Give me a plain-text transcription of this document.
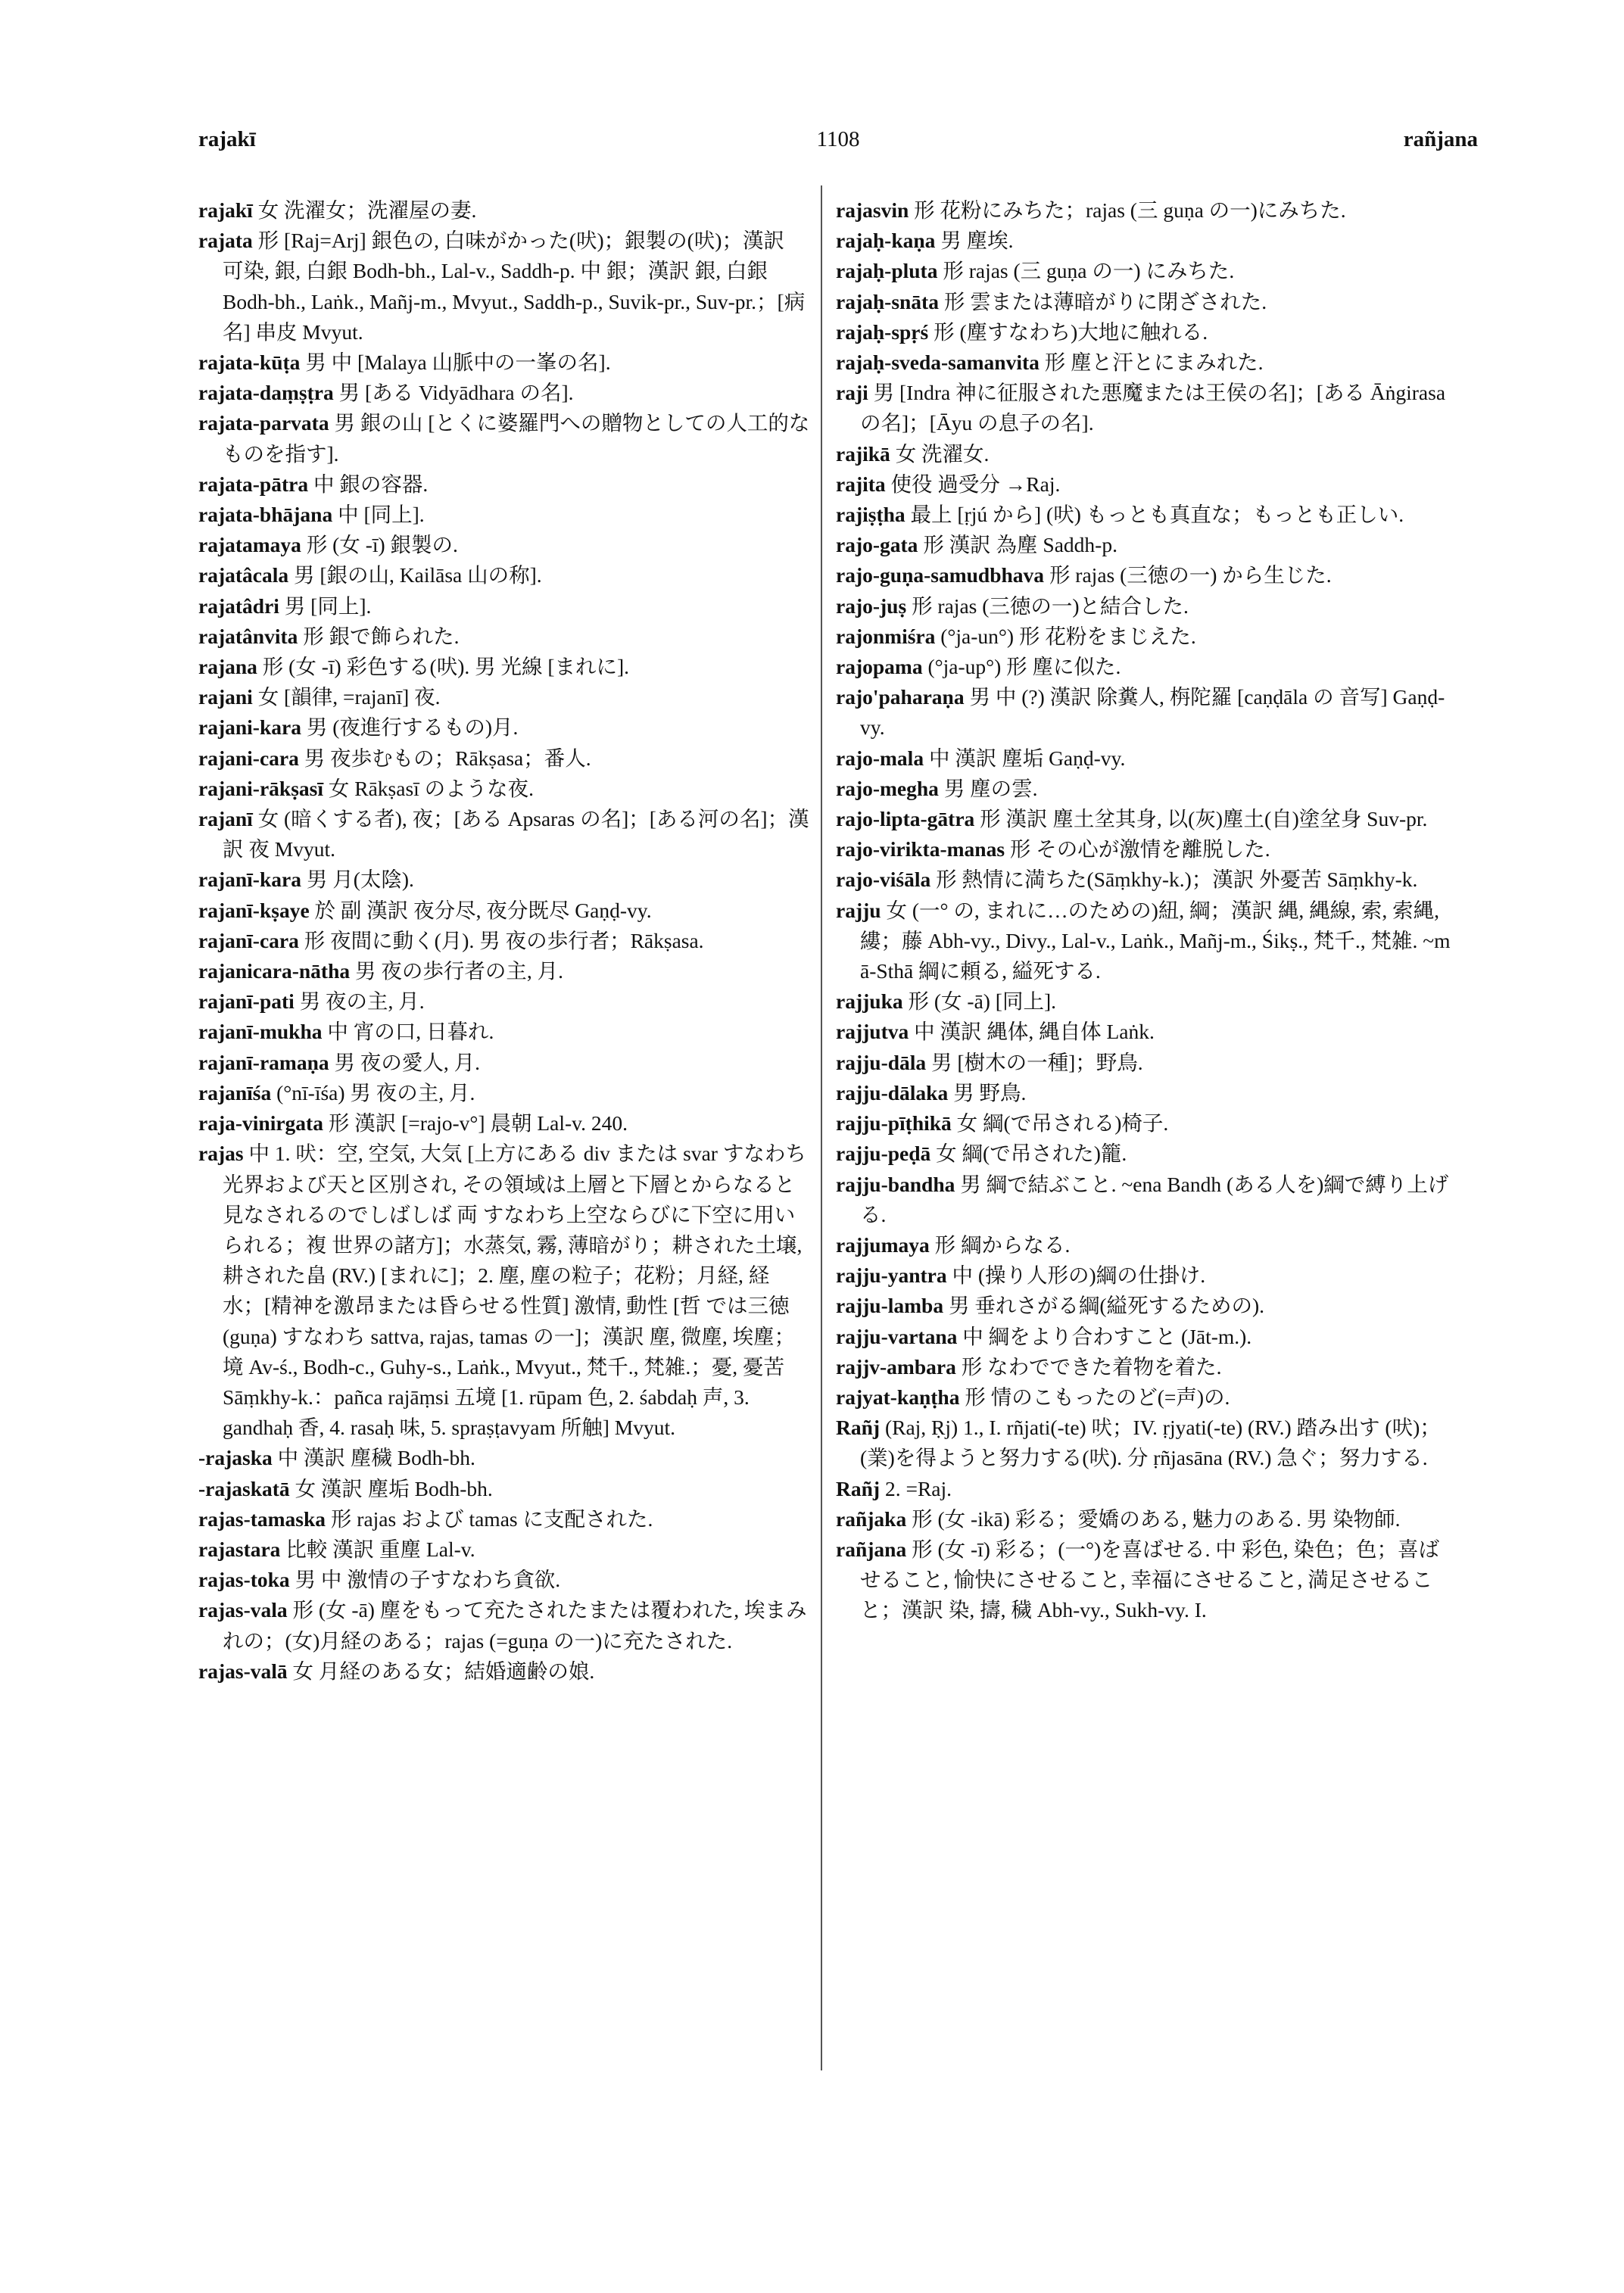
1108
rajakī	rañjana

rajakī 女 洗濯女；洗濯屋の妻.

rajata 形 [Raj=Arj] 銀色の, 白味がかった(吠)；銀製の(吠)；漢訳 可染, 銀, 白銀 Bodh-bh., Lal-v., Saddh-p. 中 銀；漢訳 銀, 白銀 Bodh-bh., Laṅk., Mañj-m., Mvyut., Saddh-p., Suvik-pr., Suv-pr.；[病名] 串皮 Mvyut.

rajata-kūṭa 男 中 [Malaya 山脈中の一峯の名].

rajata-daṃṣṭra 男 [ある Vidyādhara の名].

rajata-parvata 男 銀の山 [とくに婆羅門への贈物としての人工的なものを指す].

rajata-pātra 中 銀の容器.

rajata-bhājana 中 [同上].

rajatamaya 形 (女 -ī) 銀製の.

rajatâcala 男 [銀の山, Kailāsa 山の称].

rajatâdri 男 [同上].

rajatânvita 形 銀で飾られた.

rajana 形 (女 -ī) 彩色する(吠). 男 光線 [まれに].

rajani 女 [韻律, =rajanī] 夜.

rajani-kara 男 (夜進行するもの)月.

rajani-cara 男 夜歩むもの；Rākṣasa；番人.

rajani-rākṣasī 女 Rākṣasī のような夜.

rajanī 女 (暗くする者), 夜；[ある Apsaras の名]；[ある河の名]；漢訳 夜 Mvyut.

rajanī-kara 男 月(太陰).

rajanī-kṣaye 於 副 漢訳 夜分尽, 夜分既尽 Gaṇḍ-vy.

rajanī-cara 形 夜間に動く(月). 男 夜の歩行者；Rākṣasa.

rajanicara-nātha 男 夜の歩行者の主, 月.

rajanī-pati 男 夜の主, 月.

rajanī-mukha 中 宵の口, 日暮れ.

rajanī-ramaṇa 男 夜の愛人, 月.

rajanīśa (°nī-īśa) 男 夜の主, 月.

raja-vinirgata 形 漢訳 [=rajo-v°] 晨朝 Lal-v. 240.

rajas 中 1. 吠：空, 空気, 大気 [上方にある div または svar すなわち 光界および天と区別され, その領域は上層と下層とからなると見なされるのでしばしば 両 すなわち上空ならびに下空に用いられる；複 世界の諸方]；水蒸気, 霧, 薄暗がり；耕された土壌, 耕された畠 (RV.) [まれに]；2. 塵, 塵の粒子；花粉；月経, 経水；[精神を激昂または昏らせる性質] 激情, 動性 [哲 では三徳 (guṇa) すなわち sattva, rajas, tamas の一]；漢訳 塵, 微塵, 埃塵；境 Av-ś., Bodh-c., Guhy-s., Laṅk., Mvyut., 梵千., 梵雑.；憂, 憂苦 Sāṃkhy-k.：pañca rajāṃsi 五境 [1. rūpam 色, 2. śabdaḥ 声, 3. gandhaḥ 香, 4. rasaḥ 味, 5. spraṣṭavyam 所触] Mvyut.

-rajaska 中 漢訳 塵穢 Bodh-bh.

-rajaskatā 女 漢訳 塵垢 Bodh-bh.

rajas-tamaska 形 rajas および tamas に支配された.

rajastara 比較 漢訳 重塵 Lal-v.

rajas-toka 男 中 激情の子すなわち貪欲.

rajas-vala 形 (女 -ā) 塵をもって充たされたまたは覆われた, 埃まみれの；(女)月経のある；rajas (=guṇa の一)に充たされた.

rajas-valā 女 月経のある女；結婚適齢の娘.

rajasvin 形 花粉にみちた；rajas (三 guṇa の一)にみちた.

rajaḥ-kaṇa 男 塵埃.

rajaḥ-pluta 形 rajas (三 guṇa の一) にみちた.

rajaḥ-snāta 形 雲または薄暗がりに閉ざされた.

rajaḥ-spṛś 形 (塵すなわち)大地に触れる.

rajaḥ-sveda-samanvita 形 塵と汗とにまみれた.

raji 男 [Indra 神に征服された悪魔または王侯の名]；[ある Āṅgirasa の名]；[Āyu の息子の名].

rajikā 女 洗濯女.

rajita 使役 過受分 →Raj.

rajiṣṭha 最上 [ṛjú から] (吠) もっとも真直な；もっとも正しい.

rajo-gata 形 漢訳 為塵 Saddh-p.

rajo-guṇa-samudbhava 形 rajas (三徳の一) から生じた.

rajo-juṣ 形 rajas (三徳の一)と結合した.

rajonmiśra (°ja-un°) 形 花粉をまじえた.

rajopama (°ja-up°) 形 塵に似た.

rajo'paharaṇa 男 中 (?) 漢訳 除糞人, 栴陀羅 [caṇḍāla の 音写] Gaṇḍ-vy.

rajo-mala 中 漢訳 塵垢 Gaṇḍ-vy.

rajo-megha 男 塵の雲.

rajo-lipta-gātra 形 漢訳 塵土坌其身, 以(灰)塵土(自)塗坌身 Suv-pr.

rajo-virikta-manas 形 その心が激情を離脱した.

rajo-viśāla 形 熱情に満ちた(Sāṃkhy-k.)；漢訳 外憂苦 Sāṃkhy-k.

rajju 女 (一° の, まれに…のための)紐, 綱；漢訳 縄, 縄線, 索, 索縄, 縷；藤 Abh-vy., Divy., Lal-v., Laṅk., Mañj-m., Śikṣ., 梵千., 梵雑. ~m ā-Sthā 綱に頼る, 縊死する.

rajjuka 形 (女 -ā) [同上].

rajjutva 中 漢訳 縄体, 縄自体 Laṅk.

rajju-dāla 男 [樹木の一種]；野鳥.

rajju-dālaka 男 野鳥.

rajju-pīṭhikā 女 綱(で吊される)椅子.

rajju-peḍā 女 綱(で吊された)籠.

rajju-bandha 男 綱で結ぶこと. ~ena Bandh (ある人を)綱で縛り上げる.

rajjumaya 形 綱からなる.

rajju-yantra 中 (操り人形の)綱の仕掛け.

rajju-lamba 男 垂れさがる綱(縊死するための).

rajju-vartana 中 綱をより合わすこと (Jāt-m.).

rajjv-ambara 形 なわでできた着物を着た.

rajyat-kaṇṭha 形 情のこもったのど(=声)の.

Rañj (Raj, Ṛj) 1., I. rñjati(-te) 吠；IV. ṛjyati(-te) (RV.) 踏み出す (吠)；(業)を得ようと努力する(吠). 分 ṛñjasāna (RV.) 急ぐ；努力する.

Rañj 2. =Raj.

rañjaka 形 (女 -ikā) 彩る；愛嬌のある, 魅力のある. 男 染物師.

rañjana 形 (女 -ī) 彩る；(一°)を喜ばせる. 中 彩色, 染色；色；喜ばせること, 愉快にさせること, 幸福にさせること, 満足させること；漢訳 染, 擣, 穢 Abh-vy., Sukh-vy. I.
